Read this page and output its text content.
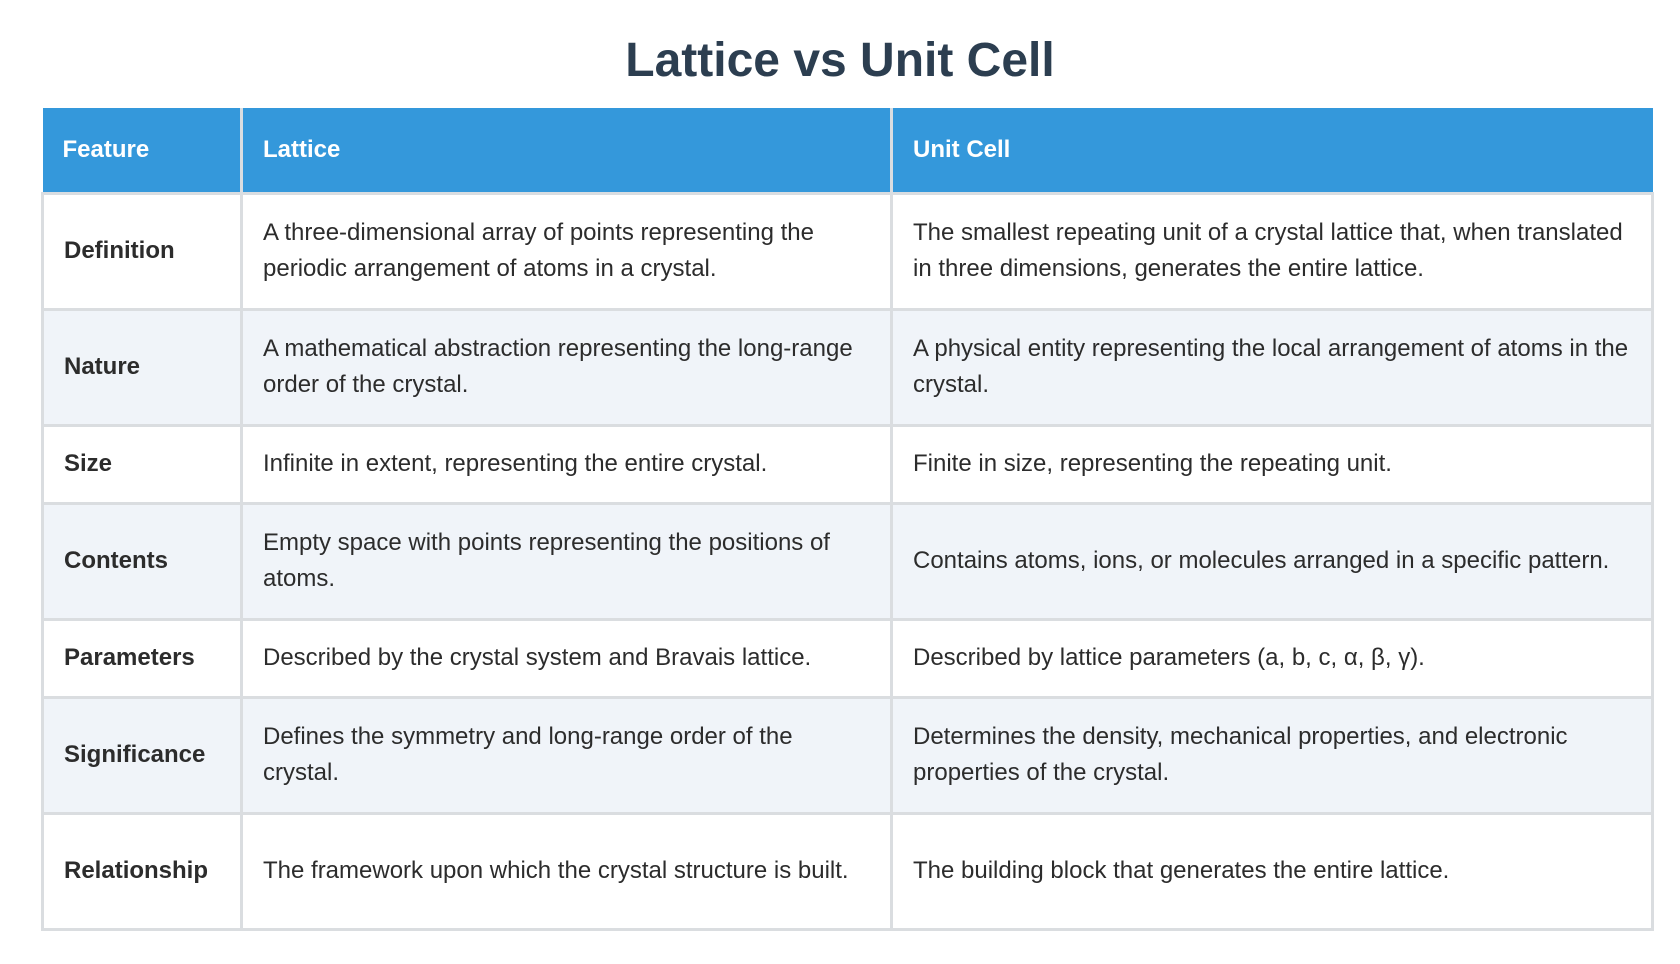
Lattice vs Unit Cell
Feature	Lattice	Unit Cell
Definition	A three-dimensional array of points representing the periodic arrangement of atoms in a crystal.	The smallest repeating unit of a crystal lattice that, when translated in three dimensions, generates the entire lattice.
Nature	A mathematical abstraction representing the long-range order of the crystal.	A physical entity representing the local arrangement of atoms in the crystal.
Size	Infinite in extent, representing the entire crystal.	Finite in size, representing the repeating unit.
Contents	Empty space with points representing the positions of atoms.	Contains atoms, ions, or molecules arranged in a specific pattern.
Parameters	Described by the crystal system and Bravais lattice.	Described by lattice parameters (a, b, c, α, β, γ).
Significance	Defines the symmetry and long-range order of the crystal.	Determines the density, mechanical properties, and electronic properties of the crystal.
Relationship	The framework upon which the crystal structure is built.	The building block that generates the entire lattice.
